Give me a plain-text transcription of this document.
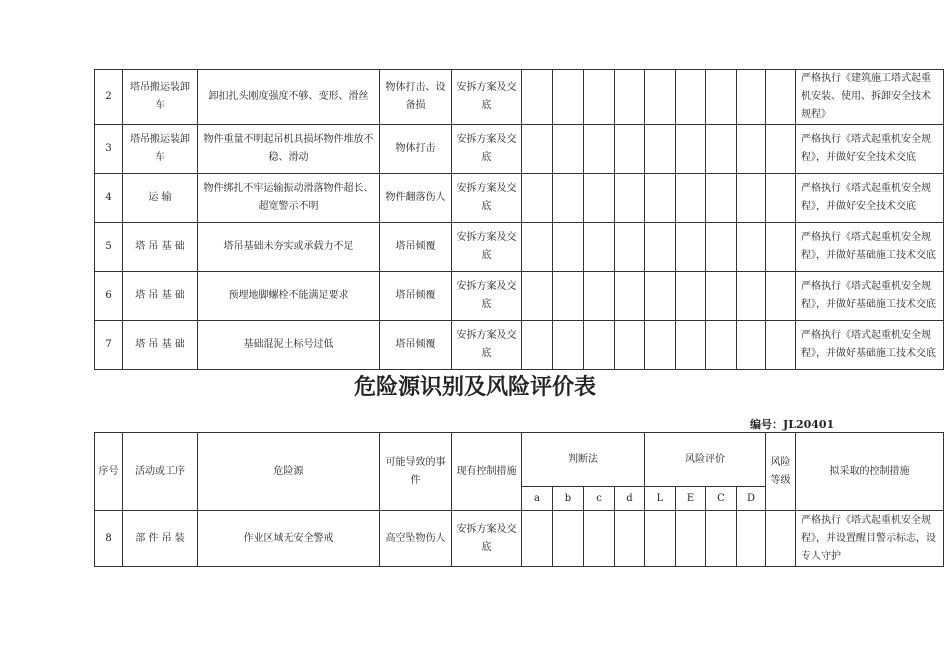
2	塔吊搬运装卸车	卸扣扎头刚度强度不够、变形、滑丝	物体打击、设备损	安拆方案及交底										严格执行《建筑施工塔式起重机安装、使用、拆卸安全技术规程》
3	塔吊搬运装卸车	物件重量不明起吊机具损坏物件堆放不稳、滑动	物体打击	安拆方案及交底										严格执行《塔式起重机安全规程》，并做好安全技术交底
4	运 输	物件绑扎不牢运输振动滑落物件超长、超宽警示不明	物件翻落伤人	安拆方案及交底										严格执行《塔式起重机安全规程》，并做好安全技术交底
5	塔 吊 基 础	塔吊基础未夯实或承载力不足	塔吊倾覆	安拆方案及交底										严格执行《塔式起重机安全规程》，并做好基础施工技术交底
6	塔 吊 基 础	预埋地脚螺栓不能满足要求	塔吊倾覆	安拆方案及交底										严格执行《塔式起重机安全规程》，并做好基础施工技术交底
7	塔 吊 基 础	基础混泥土标号过低	塔吊倾覆	安拆方案及交底										严格执行《塔式起重机安全规程》，并做好基础施工技术交底
危险源识别及风险评价表
编号：JL20401
序号	活动或工序	危险源	可能导致的事件	现有控制措施	判断法				风险评价				风险等级	拟采取的控制措施
					a	b	c	d	L	E	C	D		
8	部 件 吊 装	作业区域无安全警戒	高空坠物伤人	安拆方案及交底										严格执行《塔式起重机安全规程》，并设置醒目警示标志，设专人守护
